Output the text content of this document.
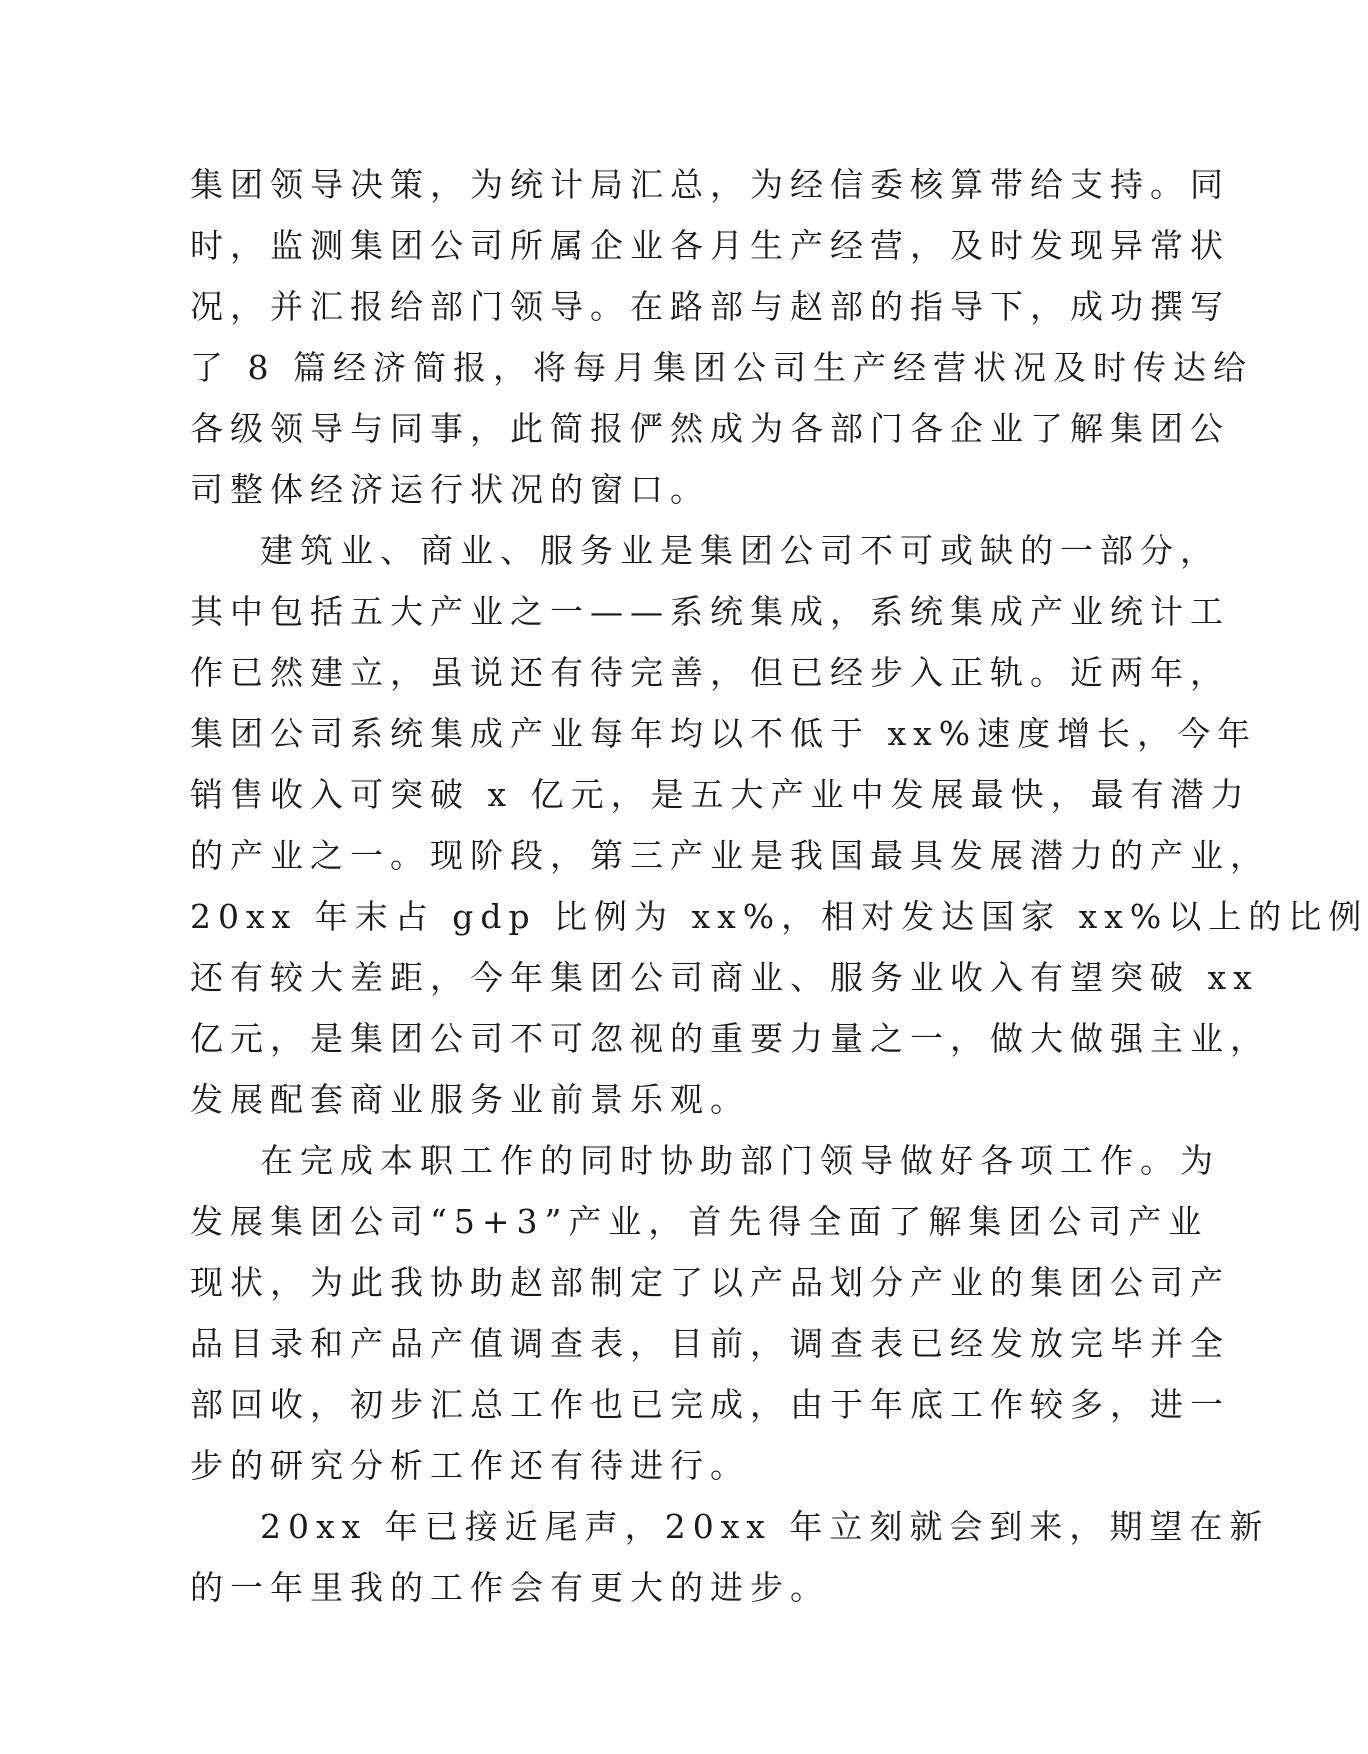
集团领导决策，为统计局汇总，为经信委核算带给支持。同
时，监测集团公司所属企业各月生产经营，及时发现异常状
况，并汇报给部门领导。在路部与赵部的指导下，成功撰写
了 8 篇经济简报，将每月集团公司生产经营状况及时传达给
各级领导与同事，此简报俨然成为各部门各企业了解集团公
司整体经济运行状况的窗口。
建筑业、商业、服务业是集团公司不可或缺的一部分，
其中包括五大产业之一——系统集成，系统集成产业统计工
作已然建立，虽说还有待完善，但已经步入正轨。近两年，
集团公司系统集成产业每年均以不低于 xx%速度增长，今年
销售收入可突破 x 亿元，是五大产业中发展最快，最有潜力
的产业之一。现阶段，第三产业是我国最具发展潜力的产业，
20xx 年末占 gdp 比例为 xx%，相对发达国家 xx%以上的比例
还有较大差距，今年集团公司商业、服务业收入有望突破 xx
亿元，是集团公司不可忽视的重要力量之一，做大做强主业，
发展配套商业服务业前景乐观。
在完成本职工作的同时协助部门领导做好各项工作。为
发展集团公司“5+3”产业，首先得全面了解集团公司产业
现状，为此我协助赵部制定了以产品划分产业的集团公司产
品目录和产品产值调查表，目前，调查表已经发放完毕并全
部回收，初步汇总工作也已完成，由于年底工作较多，进一
步的研究分析工作还有待进行。
20xx 年已接近尾声，20xx 年立刻就会到来，期望在新
的一年里我的工作会有更大的进步。
